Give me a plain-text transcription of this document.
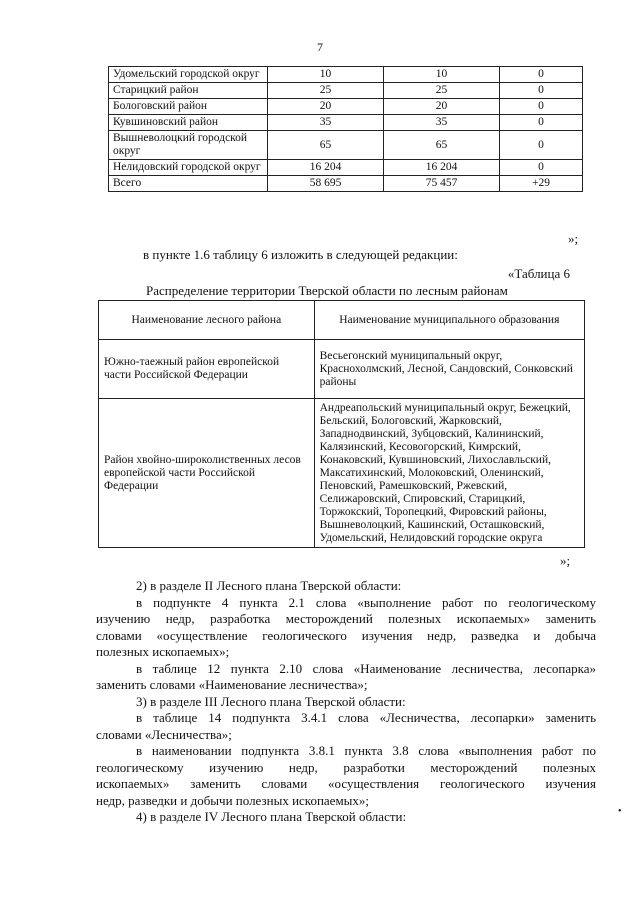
7
Удомельский городской округ	10	10	0
Старицкий район	25	25	0
Бологовский район	20	20	0
Кувшиновский район	35	35	0
Вышневолоцкий городской округ	65	65	0
Нелидовский городской округ	16 204	16 204	0
Всего	58 695	75 457	+29
»;
в пункте 1.6 таблицу 6 изложить в следующей редакции:
«Таблица 6
Распределение территории Тверской области по лесным районам
Наименование лесного района	Наименование муниципального образования
Южно-таежный район европейской части Российской Федерации	Весьегонский муниципальный округ, Краснохолмский, Лесной, Сандовский, Сонковский районы
Район хвойно-широколиственных лесов европейской части Российской Федерации	Андреапольский муниципальный округ, Бежецкий, Бельский, Бологовский, Жарковский, Западнодвинский, Зубцовский, Калининский, Калязинский, Кесовогорский, Кимрский, Конаковский, Кувшиновский, Лихославльский, Максатихинский, Молоковский, Оленинский, Пеновский, Рамешковский, Ржевский, Селижаровский, Спировский, Старицкий, Торжокский, Торопецкий, Фировский районы, Вышневолоцкий, Кашинский, Осташковский, Удомельский, Нелидовский городские округа
»;
2) в разделе II Лесного плана Тверской области:
в подпункте 4 пункта 2.1 слова «выполнение работ по геологическому
изучению недр, разработка месторождений полезных ископаемых» заменить
словами «осуществление геологического изучения недр, разведка и добыча
полезных ископаемых»;
в таблице 12 пункта 2.10 слова «Наименование лесничества, лесопарка»
заменить словами «Наименование лесничества»;
3) в разделе III Лесного плана Тверской области:
в таблице 14 подпункта 3.4.1 слова «Лесничества, лесопарки» заменить
словами «Лесничества»;
в наименовании подпункта 3.8.1 пункта 3.8 слова «выполнения работ по
геологическому изучению недр, разработки месторождений полезных
ископаемых» заменить словами «осуществления геологического изучения
недр, разведки и добычи полезных ископаемых»;
4) в разделе IV Лесного плана Тверской области:	•
